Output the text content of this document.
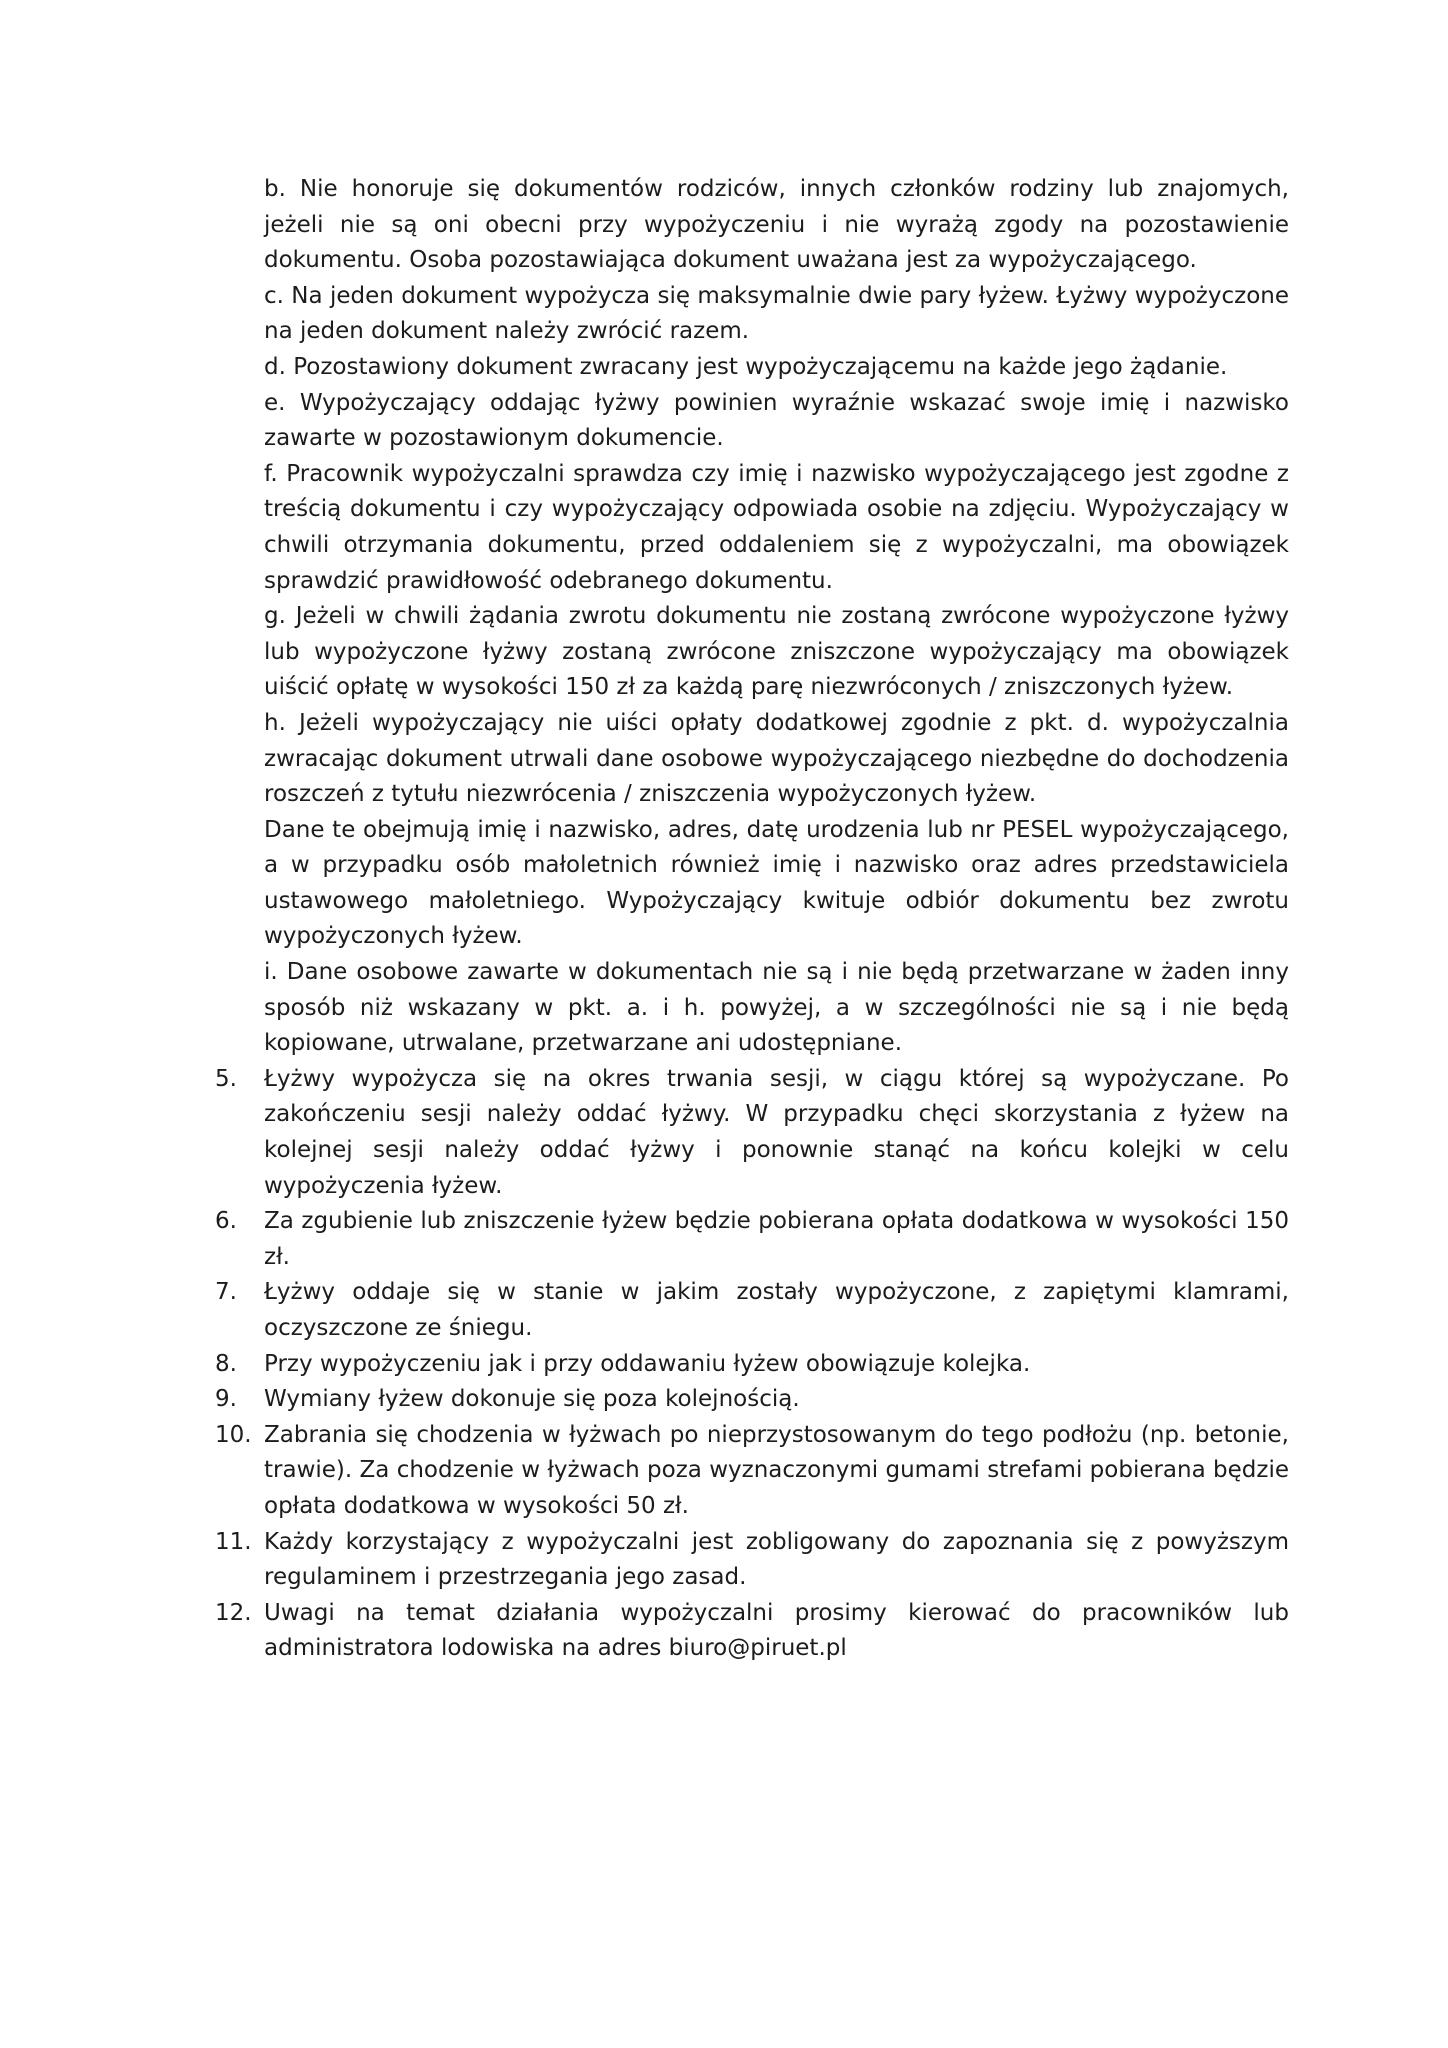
b. Nie honoruje się dokumentów rodziców, innych członków rodziny lub znajomych, jeżeli nie są oni obecni przy wypożyczeniu i nie wyrażą zgody na pozostawienie dokumentu. Osoba pozostawiająca dokument uważana jest za wypożyczającego.

c. Na jeden dokument wypożycza się maksymalnie dwie pary łyżew. Łyżwy wypożyczone na jeden dokument należy zwrócić razem.

d. Pozostawiony dokument zwracany jest wypożyczającemu na każde jego żądanie.

e. Wypożyczający oddając łyżwy powinien wyraźnie wskazać swoje imię i nazwisko zawarte w pozostawionym dokumencie.

f. Pracownik wypożyczalni sprawdza czy imię i nazwisko wypożyczającego jest zgodne z treścią dokumentu i czy wypożyczający odpowiada osobie na zdjęciu. Wypożyczający w chwili otrzymania dokumentu, przed oddaleniem się z wypożyczalni, ma obowiązek sprawdzić prawidłowość odebranego dokumentu.

g. Jeżeli w chwili żądania zwrotu dokumentu nie zostaną zwrócone wypożyczone łyżwy lub wypożyczone łyżwy zostaną zwrócone zniszczone wypożyczający ma obowiązek uiścić opłatę w wysokości 150 zł za każdą parę niezwróconych / zniszczonych łyżew.

h. Jeżeli wypożyczający nie uiści opłaty dodatkowej zgodnie z pkt. d. wypożyczalnia zwracając dokument utrwali dane osobowe wypożyczającego niezbędne do dochodzenia roszczeń z tytułu niezwrócenia / zniszczenia wypożyczonych łyżew.

Dane te obejmują imię i nazwisko, adres, datę urodzenia lub nr PESEL wypożyczającego, a w przypadku osób małoletnich również imię i nazwisko oraz adres przedstawiciela ustawowego małoletniego. Wypożyczający kwituje odbiór dokumentu bez zwrotu wypożyczonych łyżew.

i. Dane osobowe zawarte w dokumentach nie są i nie będą przetwarzane w żaden inny sposób niż wskazany w pkt. a. i h. powyżej, a w szczególności nie są i nie będą kopiowane, utrwalane, przetwarzane ani udostępniane.

5. Łyżwy wypożycza się na okres trwania sesji, w ciągu której są wypożyczane. Po zakończeniu sesji należy oddać łyżwy. W przypadku chęci skorzystania z łyżew na kolejnej sesji należy oddać łyżwy i ponownie stanąć na końcu kolejki w celu wypożyczenia łyżew.
6. Za zgubienie lub zniszczenie łyżew będzie pobierana opłata dodatkowa w wysokości 150 zł.
7. Łyżwy oddaje się w stanie w jakim zostały wypożyczone, z zapiętymi klamrami, oczyszczone ze śniegu.
8. Przy wypożyczeniu jak i przy oddawaniu łyżew obowiązuje kolejka.
9. Wymiany łyżew dokonuje się poza kolejnością.
10. Zabrania się chodzenia w łyżwach po nieprzystosowanym do tego podłożu (np. betonie, trawie). Za chodzenie w łyżwach poza wyznaczonymi gumami strefami pobierana będzie opłata dodatkowa w wysokości 50 zł.
11. Każdy korzystający z wypożyczalni jest zobligowany do zapoznania się z powyższym regulaminem i przestrzegania jego zasad.
12. Uwagi na temat działania wypożyczalni prosimy kierować do pracowników lub administratora lodowiska na adres biuro@piruet.pl
